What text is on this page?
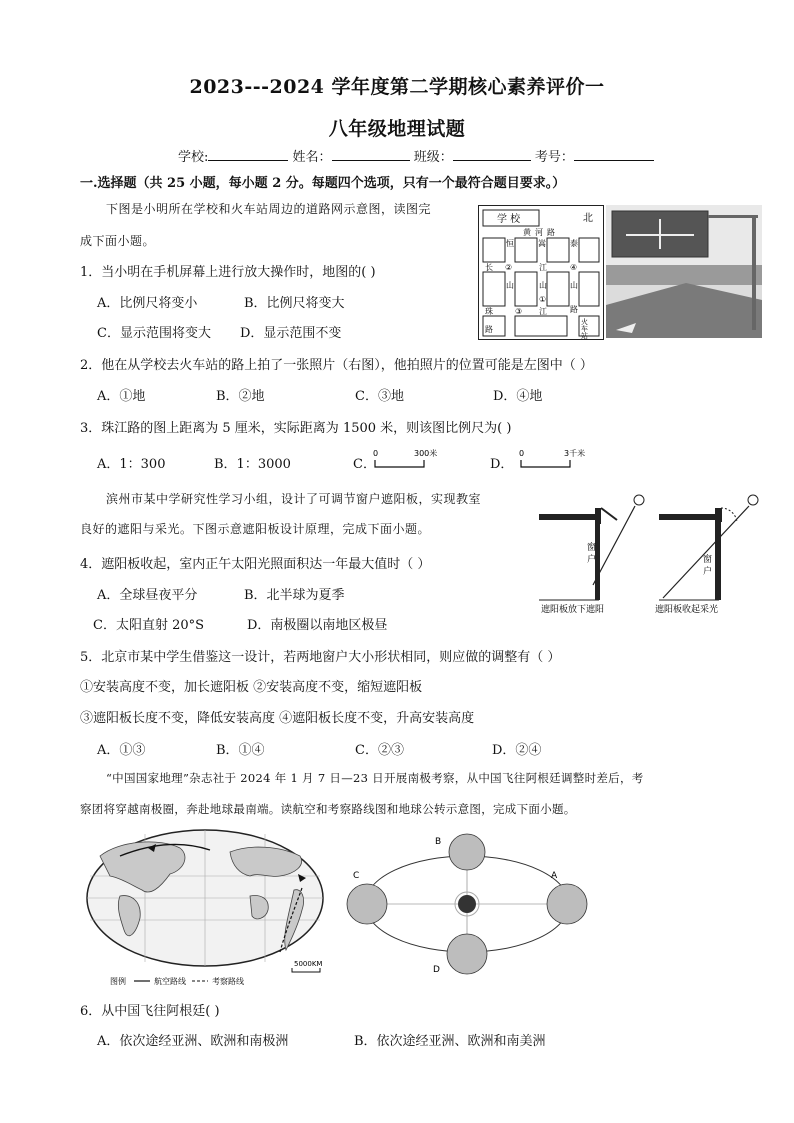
2023---2024 学年度第二学期核心素养评价一
八年级地理试题
学校:	姓名：	班级：	考号：
一.选择题（共 25 小题，每小题 2 分。每题四个选项，只有一个最符合题目要求。）
下图是小明所在学校和火车站周边的道路网示意图，读图完
成下面小题。
学 校	北
黄 河 路
恒	嵩	泰
长	江	④
山	山
山
珠	③
①
②
路
路
江
火
车
站
1．当小明在手机屏幕上进行放大操作时，地图的( )
A．比例尺将变小	B．比例尺将变大
C．显示范围将变大 D．显示范围不变
2．他在从学校去火车站的路上拍了一张照片（右图），他拍照片的位置可能是左图中（ ）
A．①地	B．②地	C．③地	D．④地
3．珠江路的图上距离为 5 厘米，实际距离为 1500 米，则该图比例尺为( )
A．1：300	B．1：3000	C．
0	300米
D．
0	3千米
滨州市某中学研究性学习小组，设计了可调节窗户遮阳板，实现教室
良好的遮阳与采光。下图示意遮阳板设计原理，完成下面小题。
窗
户
遮阳板放下遮阳
窗
户
遮阳板收起采光
4．遮阳板收起，室内正午太阳光照面积达一年最大值时（ ）
A．全球昼夜平分	B．北半球为夏季
C．太阳直射 20°S	D．南极圈以南地区极昼
5．北京市某中学生借鉴这一设计，若两地窗户大小形状相同，则应做的调整有（ ）
①安装高度不变，加长遮阳板 ②安装高度不变，缩短遮阳板
③遮阳板长度不变，降低安装高度 ④遮阳板长度不变，升高安装高度
A．①③	B．①④	C．②③	D．②④
“中国国家地理”杂志社于 2024 年 1 月 7 日—23 日开展南极考察，从中国飞往阿根廷调整时差后，考
察团将穿越南极圈，奔赴地球最南端。读航空和考察路线图和地球公转示意图，完成下面小题。
图例	航空路线	考察路线
5000KM
B
C	A
D
6．从中国飞往阿根廷( )
A．依次途经亚洲、欧洲和南极洲	B．依次途经亚洲、欧洲和南美洲
